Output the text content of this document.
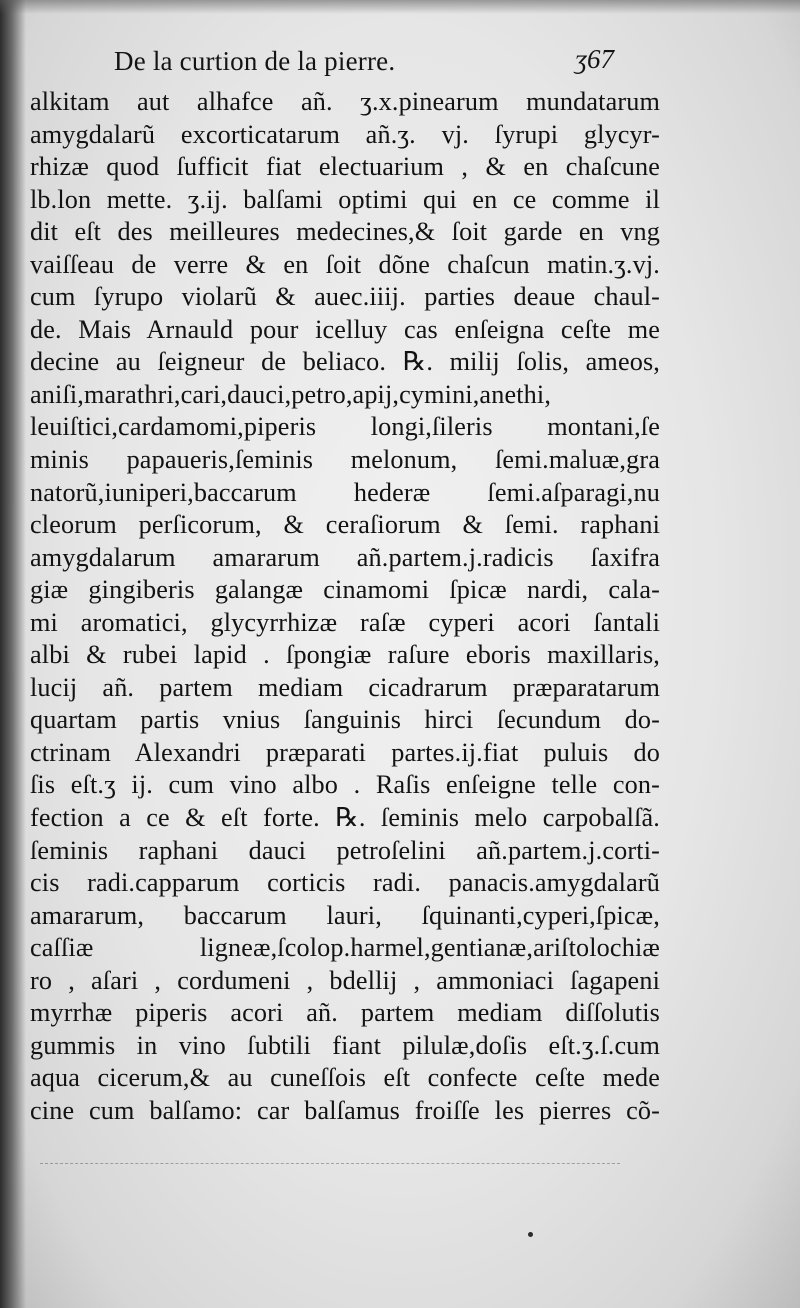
De la curtion de la pierre.	ʒ67
alkitam aut alhafce añ. ʒ.x.pinearum mundatarum
amygdalarũ excorticatarum añ.ʒ. vj. ſyrupi glycyr-
rhizæ quod ſufficit fiat electuarium , & en chaſcune
lb.lon mette. ʒ.ij. balſami optimi qui en ce comme il
dit eſt des meilleures medecines,& ſoit garde en vng
vaiſſeau de verre & en ſoit dõne chaſcun matin.ʒ.vj.
cum ſyrupo violarũ & auec.iiij. parties deaue chaul-
de. Mais Arnauld pour icelluy cas enſeigna ceſte me
decine au ſeigneur de beliaco. ℞. milij ſolis, ameos,
aniſi,marathri,cari,dauci,petro,apij,cymini,anethi,
leuiſtici,cardamomi,piperis longi,ſileris montani,ſe
minis papaueris,ſeminis melonum, ſemi.maluæ,gra
natorũ,iuniperi,baccarum hederæ ſemi.aſparagi,nu
cleorum perſicorum, & ceraſiorum & ſemi. raphani
amygdalarum amararum añ.partem.j.radicis ſaxifra
giæ gingiberis galangæ cinamomi ſpicæ nardi, cala-
mi aromatici, glycyrrhizæ raſæ cyperi acori ſantali
albi & rubei lapid . ſpongiæ raſure eboris maxillaris,
lucij añ. partem mediam cicadrarum præparatarum
quartam partis vnius ſanguinis hirci ſecundum do-
ctrinam Alexandri præparati partes.ij.fiat puluis do
ſis eſt.ʒ ij. cum vino albo . Raſis enſeigne telle con-
fection a ce & eſt forte. ℞. ſeminis melo carpobalſã.
ſeminis raphani dauci petroſelini añ.partem.j.corti-
cis radi.capparum corticis radi. panacis.amygdalarũ
amararum, baccarum lauri, ſquinanti,cyperi,ſpicæ,
caſſiæ ligneæ,ſcolop.harmel,gentianæ,ariſtolochiæ
ro , aſari , cordumeni , bdellij , ammoniaci ſagapeni
myrrhæ piperis acori añ. partem mediam diſſolutis
gummis in vino ſubtili fiant pilulæ,doſis eſt.ʒ.ſ.cum
aqua cicerum,& au cuneſſois eſt confecte ceſte mede
cine cum balſamo: car balſamus froiſſe les pierres cõ-
